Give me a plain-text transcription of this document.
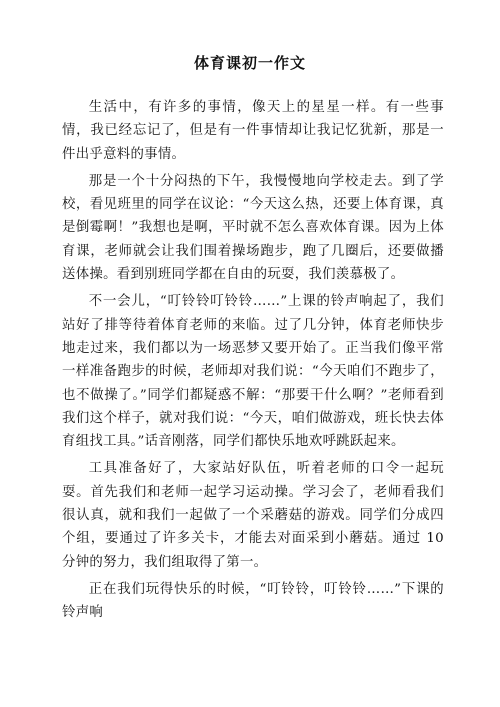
体育课初一作文

生活中，有许多的事情，像天上的星星一样。有一些事情，我已经忘记了，但是有一件事情却让我记忆犹新，那是一件出乎意料的事情。

那是一个十分闷热的下午，我慢慢地向学校走去。到了学校，看见班里的同学在议论：“今天这么热，还要上体育课，真是倒霉啊！”我想也是啊，平时就不怎么喜欢体育课。因为上体育课，老师就会让我们围着操场跑步，跑了几圈后，还要做播送体操。看到别班同学都在自由的玩耍，我们羡慕极了。

不一会儿，“叮铃铃叮铃铃……”上课的铃声响起了，我们站好了排等待着体育老师的来临。过了几分钟，体育老师快步地走过来，我们都以为一场恶梦又要开始了。正当我们像平常一样准备跑步的时候，老师却对我们说：“今天咱们不跑步了，也不做操了。”同学们都疑惑不解：“那要干什么啊？”老师看到我们这个样子，就对我们说：“今天，咱们做游戏，班长快去体育组找工具。”话音刚落，同学们都快乐地欢呼跳跃起来。

工具准备好了，大家站好队伍，听着老师的口令一起玩耍。首先我们和老师一起学习运动操。学习会了，老师看我们很认真，就和我们一起做了一个采蘑菇的游戏。同学们分成四个组，要通过了许多关卡，才能去对面采到小蘑菇。通过 10 分钟的努力，我们组取得了第一。

正在我们玩得快乐的时候，“叮铃铃，叮铃铃……”下课的铃声响
